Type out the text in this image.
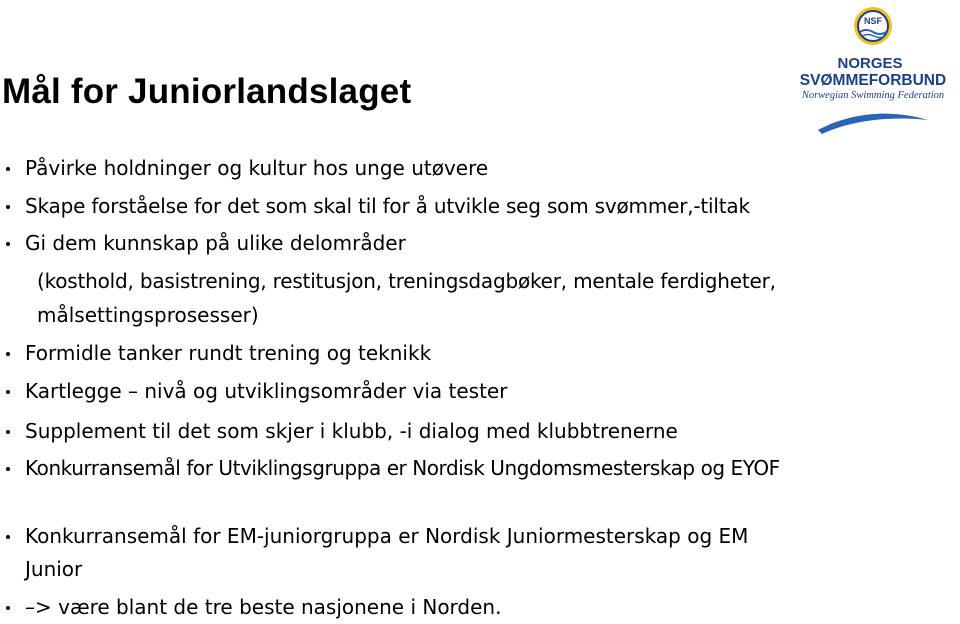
NSF
NORGES
SVØMMEFORBUND
Norwegian Swimming Federation
Mål for Juniorlandslaget
Påvirke holdninger og kultur hos unge utøvere
Skape forståelse for det som skal til for å utvikle seg som svømmer,-tiltak
Gi dem kunnskap på ulike delområder
(kosthold, basistrening, restitusjon, treningsdagbøker, mentale ferdigheter,
målsettingsprosesser)
Formidle tanker rundt trening og teknikk
Kartlegge – nivå og utviklingsområder via tester
Supplement til det som skjer i klubb, -i dialog med klubbtrenerne
Konkurransemål for Utviklingsgruppa er Nordisk Ungdomsmesterskap og EYOF
Konkurransemål for EM-juniorgruppa er Nordisk Juniormesterskap og EM
Junior
–> være blant de tre beste nasjonene i Norden.
